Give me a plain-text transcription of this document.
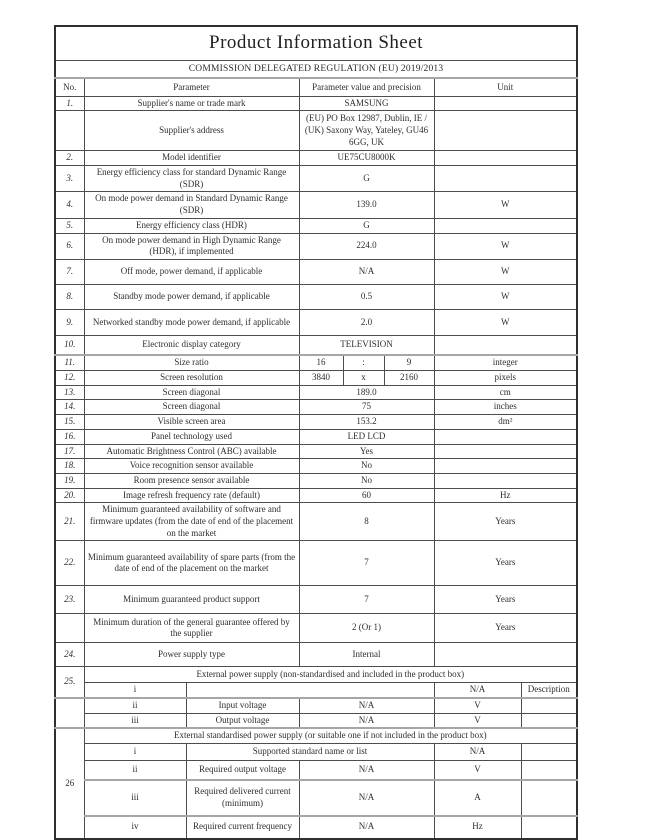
Product Information Sheet							
COMMISSION DELEGATED REGULATION (EU) 2019/2013							
No.	Parameter		Parameter value and precision			Unit	
1.	Supplier's name or trade mark		SAMSUNG				
	Supplier's address		(EU) PO Box 12987, Dublin, IE / (UK) Saxony Way, Yateley, GU46 6GG, UK				
2.	Model identifier		UE75CU8000K				
3.	Energy efficiency class for standard Dynamic Range (SDR)		G				
4.	On mode power demand in Standard Dynamic Range (SDR)		139.0			W	
5.	Energy efficiency class (HDR)		G				
6.	On mode power demand in High Dynamic Range (HDR), if implemented		224.0			W	
7.	Off mode, power demand, if applicable		N/A			W	
8.	Standby mode power demand, if applicable		0.5			W	
9.	Networked standby mode power demand, if applicable		2.0			W	
10.	Electronic display category		TELEVISION				
11.	Size ratio		16	:	9	integer	
12.	Screen resolution		3840	x	2160	pixels	
13.	Screen diagonal		189.0			cm	
14.	Screen diagonal		75			inches	
15.	Visible screen area		153.2			dm²	
16.	Panel technology used		LED LCD				
17.	Automatic Brightness Control (ABC) available		Yes				
18.	Voice recognition sensor available		No				
19.	Room presence sensor available		No				
20.	Image refresh frequency rate (default)		60			Hz	
21.	Minimum guaranteed availability of software and firmware updates (from the date of end of the placement on the market		8			Years	
22.	Minimum guaranteed availability of spare parts (from the date of end of the placement on the market		7			Years	
23.	Minimum guaranteed product support		7			Years	
	Minimum duration of the general guarantee offered by the supplier		2 (Or 1)			Years	
24.	Power supply type		Internal				
25.	External power supply (non-standardised and included in the product box)						
	i					N/A	Description
	ii	Input voltage	N/A			V	
	iii	Output voltage	N/A			V	
26	External standardised power supply (or suitable one if not included in the product box)						
	i	Supported standard name or list				N/A	
	ii	Required output voltage	N/A			V	
	iii	Required delivered current (minimum)	N/A			A	
	iv	Required current frequency	N/A			Hz	
